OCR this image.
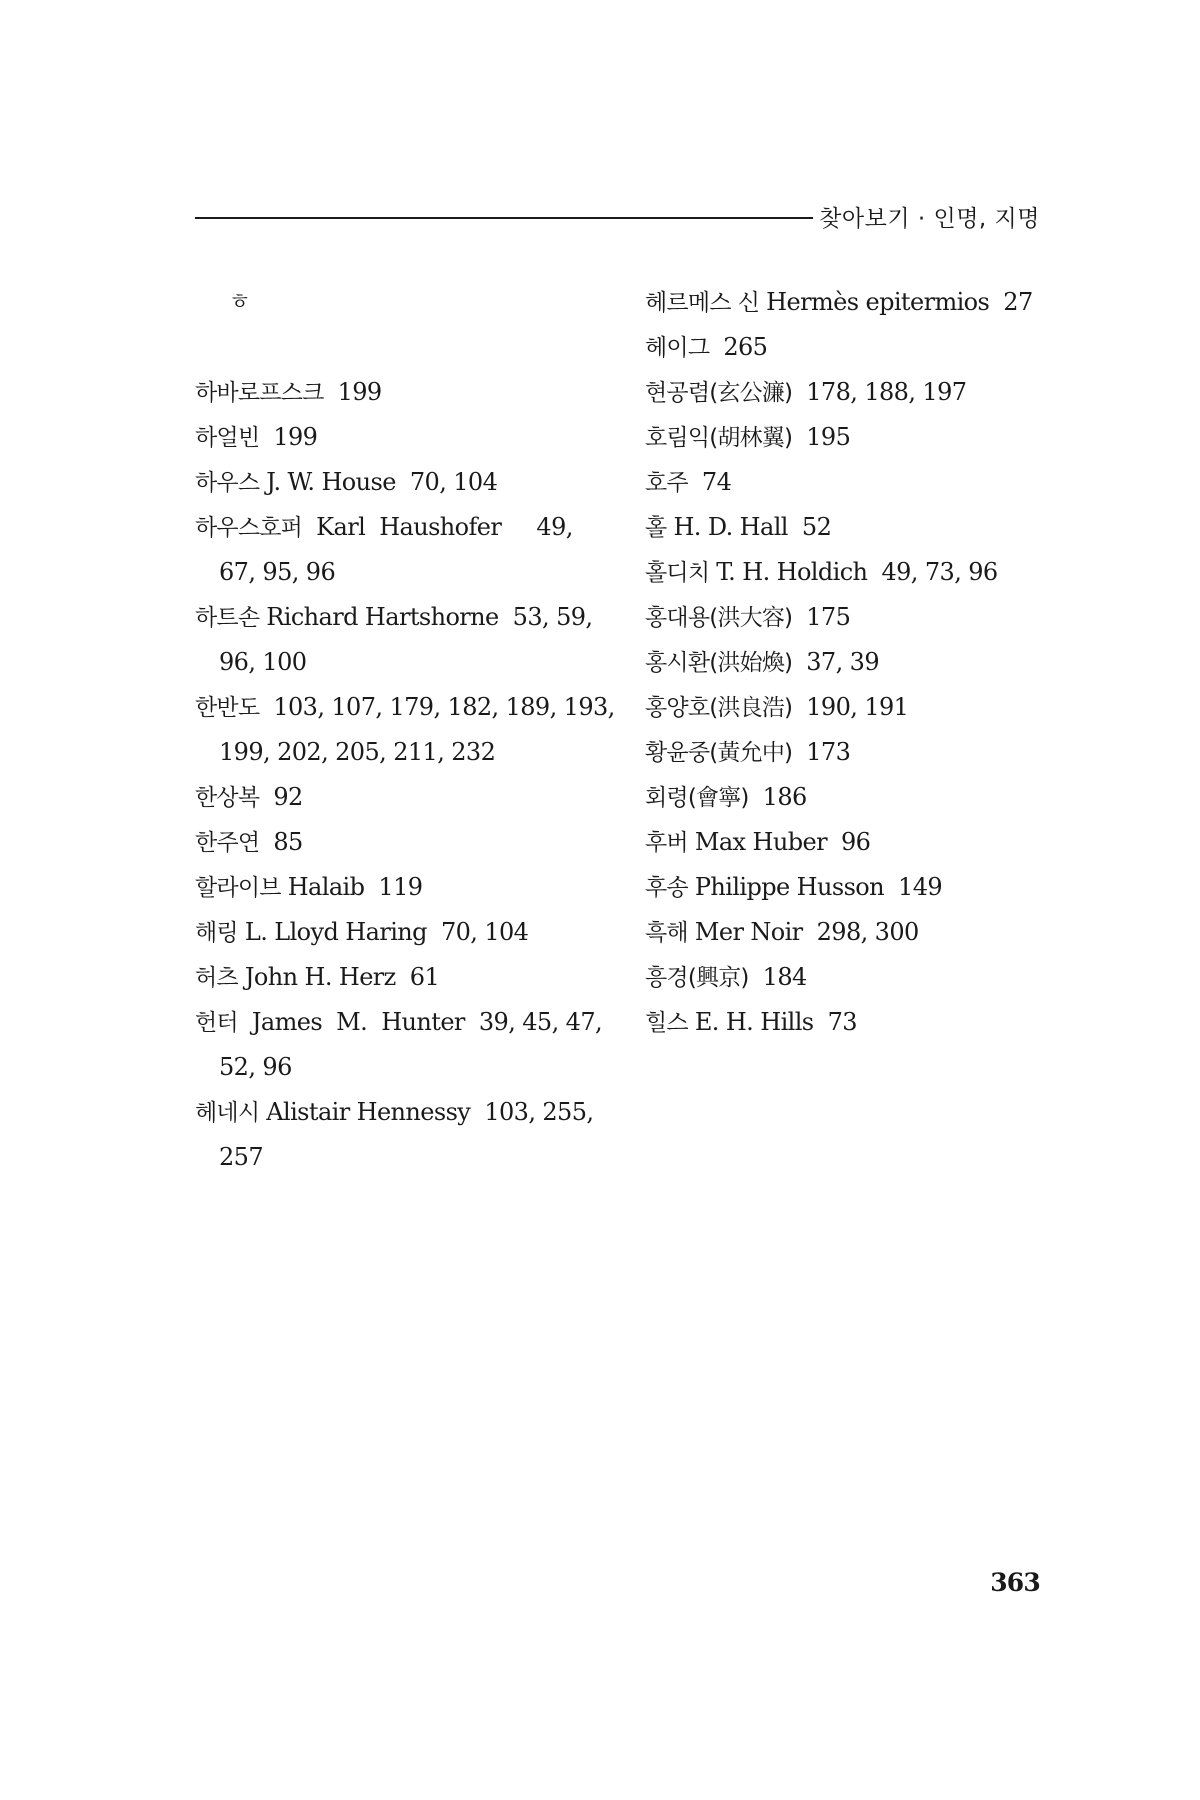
찾아보기 · 인명, 지명
ㅎ
하바로프스크  199
하얼빈  199
하우스 J. W. House  70, 104
하우스호퍼  Karl  Haushofer     49,
67, 95, 96
하트손 Richard Hartshorne  53, 59,
96, 100
한반도  103, 107, 179, 182, 189, 193,
199, 202, 205, 211, 232
한상복  92
한주연  85
할라이브 Halaib  119
해링 L. Lloyd Haring  70, 104
허츠 John H. Herz  61
헌터  James  M.  Hunter  39, 45, 47,
52, 96
헤네시 Alistair Hennessy  103, 255,
257
헤르메스 신 Hermès epitermios  27
헤이그  265
현공렴(玄公濂)  178, 188, 197
호림익(胡林翼)  195
호주  74
홀 H. D. Hall  52
홀디치 T. H. Holdich  49, 73, 96
홍대용(洪大容)  175
홍시환(洪始煥)  37, 39
홍양호(洪良浩)  190, 191
황윤중(黃允中)  173
회령(會寧)  186
후버 Max Huber  96
후송 Philippe Husson  149
흑해 Mer Noir  298, 300
흥경(興京)  184
힐스 E. H. Hills  73
363
